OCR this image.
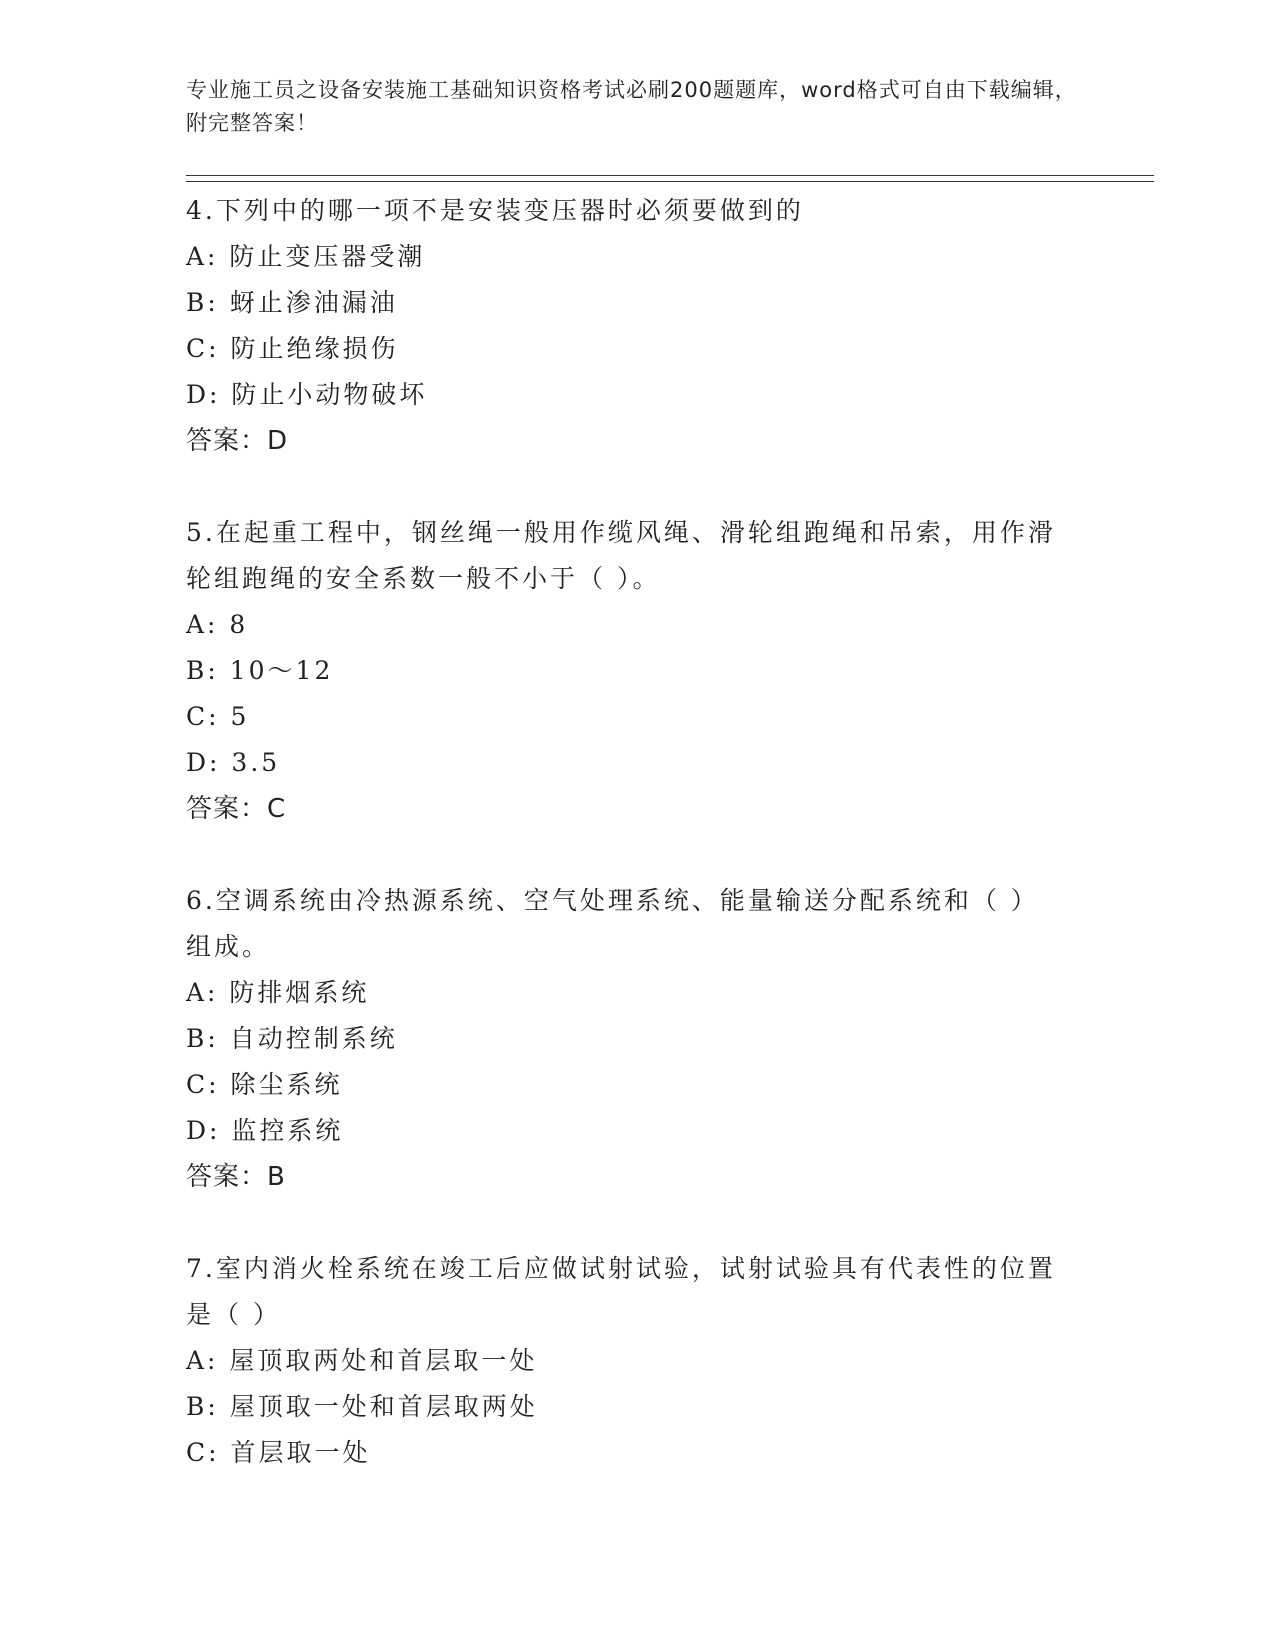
专业施工员之设备安装施工基础知识资格考试必刷200题题库，word格式可自由下载编辑，附完整答案！

4.下列中的哪一项不是安装变压器时必须要做到的

A: 防止变压器受潮

B: 蚜止渗油漏油

C: 防止绝缘损伤

D: 防止小动物破坏

答案：D

5.在起重工程中，钢丝绳一般用作缆风绳、滑轮组跑绳和吊索，用作滑轮组跑绳的安全系数一般不小于（ ）。

A: 8

B: 10～12

C: 5

D: 3.5

答案：C

6.空调系统由冷热源系统、空气处理系统、能量输送分配系统和（ ）组成。

A: 防排烟系统

B: 自动控制系统

C: 除尘系统

D: 监控系统

答案：B

7.室内消火栓系统在竣工后应做试射试验，试射试验具有代表性的位置是（ ）

A: 屋顶取两处和首层取一处

B: 屋顶取一处和首层取两处

C: 首层取一处
